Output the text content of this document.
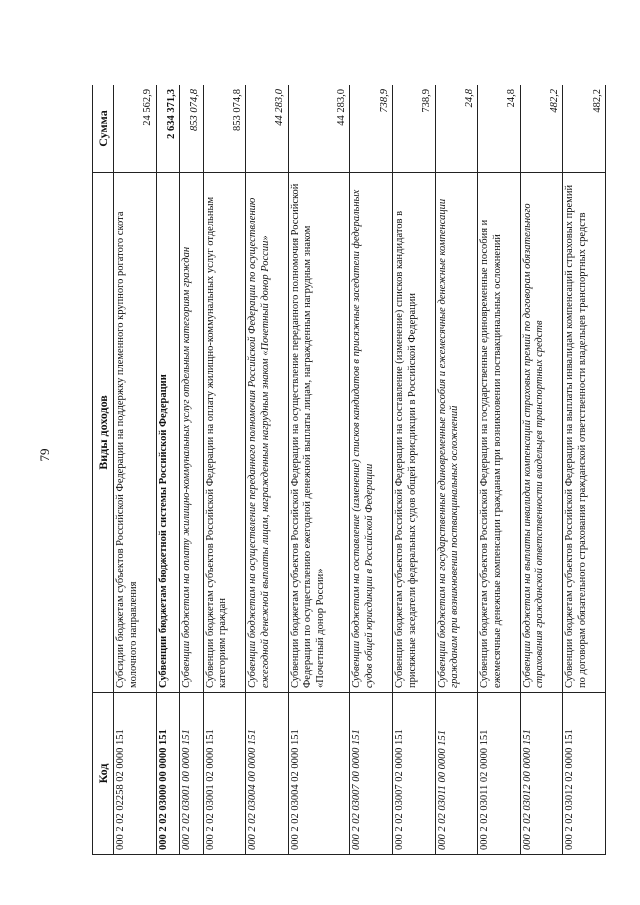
79
Код	Виды доходов	Сумма
000 2 02 02258 02 0000 151	Субсидии бюджетам субъектов Российской Федерации на поддержку племенного крупного рогатого скота молочного направления	24 562,9
000 2 02 03000 00 0000 151	Субвенции бюджетам бюджетной системы Российской Федерации	2 634 371,3
000 2 02 03001 00 0000 151	Субвенции бюджетам на оплату жилищно-коммунальных услуг отдельным категориям граждан	853 074,8
000 2 02 03001 02 0000 151	Субвенции бюджетам субъектов Российской Федерации на оплату жилищно-коммунальных услуг отдельным категориям граждан	853 074,8
000 2 02 03004 00 0000 151	Субвенции бюджетам на осуществление переданного полномочия Российской Федерации по осуществлению ежегодной денежной выплаты лицам, награжденным нагрудным знаком «Почетный донор России»	44 283,0
000 2 02 03004 02 0000 151	Субвенции бюджетам субъектов Российской Федерации на осуществление переданного полномочия Российской Федерации по осуществлению ежегодной денежной выплаты лицам, награжденным нагрудным знаком «Почетный донор России»	44 283,0
000 2 02 03007 00 0000 151	Субвенции бюджетам на составление (изменение) списков кандидатов в присяжные заседатели федеральных судов общей юрисдикции в Российской Федерации	738,9
000 2 02 03007 02 0000 151	Субвенции бюджетам субъектов Российской Федерации на составление (изменение) списков кандидатов в присяжные заседатели федеральных судов общей юрисдикции в Российской Федерации	738,9
000 2 02 03011 00 0000 151	Субвенции бюджетам на государственные единовременные пособия и ежемесячные денежные компенсации гражданам при возникновении поствакцинальных осложнений	24,8
000 2 02 03011 02 0000 151	Субвенции бюджетам субъектов Российской Федерации на государственные единовременные пособия и ежемесячные денежные компенсации гражданам при возникновении поствакцинальных осложнений	24,8
000 2 02 03012 00 0000 151	Субвенции бюджетам на выплаты инвалидам компенсаций страховых премий по договорам обязательного страхования гражданской ответственности владельцев транспортных средств	482,2
000 2 02 03012 02 0000 151	Субвенции бюджетам субъектов Российской Федерации на выплаты инвалидам компенсаций страховых премий по договорам обязательного страхования гражданской ответственности владельцев транспортных средств	482,2
